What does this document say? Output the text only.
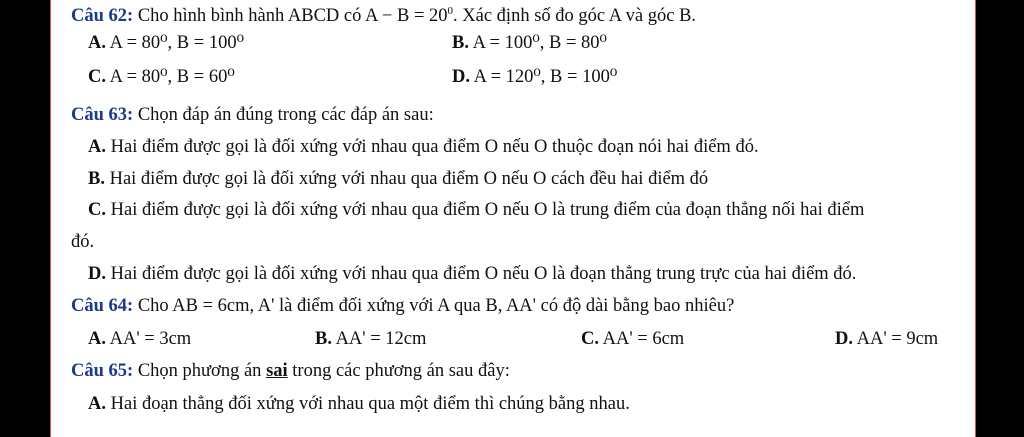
Câu 62: Cho hình bình hành ABCD có $A - B = 20^0$. Xác định số đo góc A và góc B.
A. A = 80⁰, B = 100⁰	B. A = 100⁰, B = 80⁰
C. A = 80⁰, B = 60⁰	D. A = 120⁰, B = 100⁰
Câu 63: Chọn đáp án đúng trong các đáp án sau:
A. Hai điểm được gọi là đối xứng với nhau qua điểm O nếu O thuộc đoạn nói hai điểm đó.
B. Hai điểm được gọi là đối xứng với nhau qua điểm O nếu O cách đều hai điểm đó
C. Hai điểm được gọi là đối xứng với nhau qua điểm O nếu O là trung điểm của đoạn thẳng nối hai điểm
đó.
D. Hai điểm được gọi là đối xứng với nhau qua điểm O nếu O là đoạn thẳng trung trực của hai điểm đó.
Câu 64: Cho AB = 6cm, A' là điểm đối xứng với A qua B, AA' có độ dài bằng bao nhiêu?
A. AA' = 3cm	B. AA' = 12cm	C. AA' = 6cm	D. AA' = 9cm
Câu 65: Chọn phương án sai trong các phương án sau đây:
A. Hai đoạn thẳng đối xứng với nhau qua một điểm thì chúng bằng nhau.
